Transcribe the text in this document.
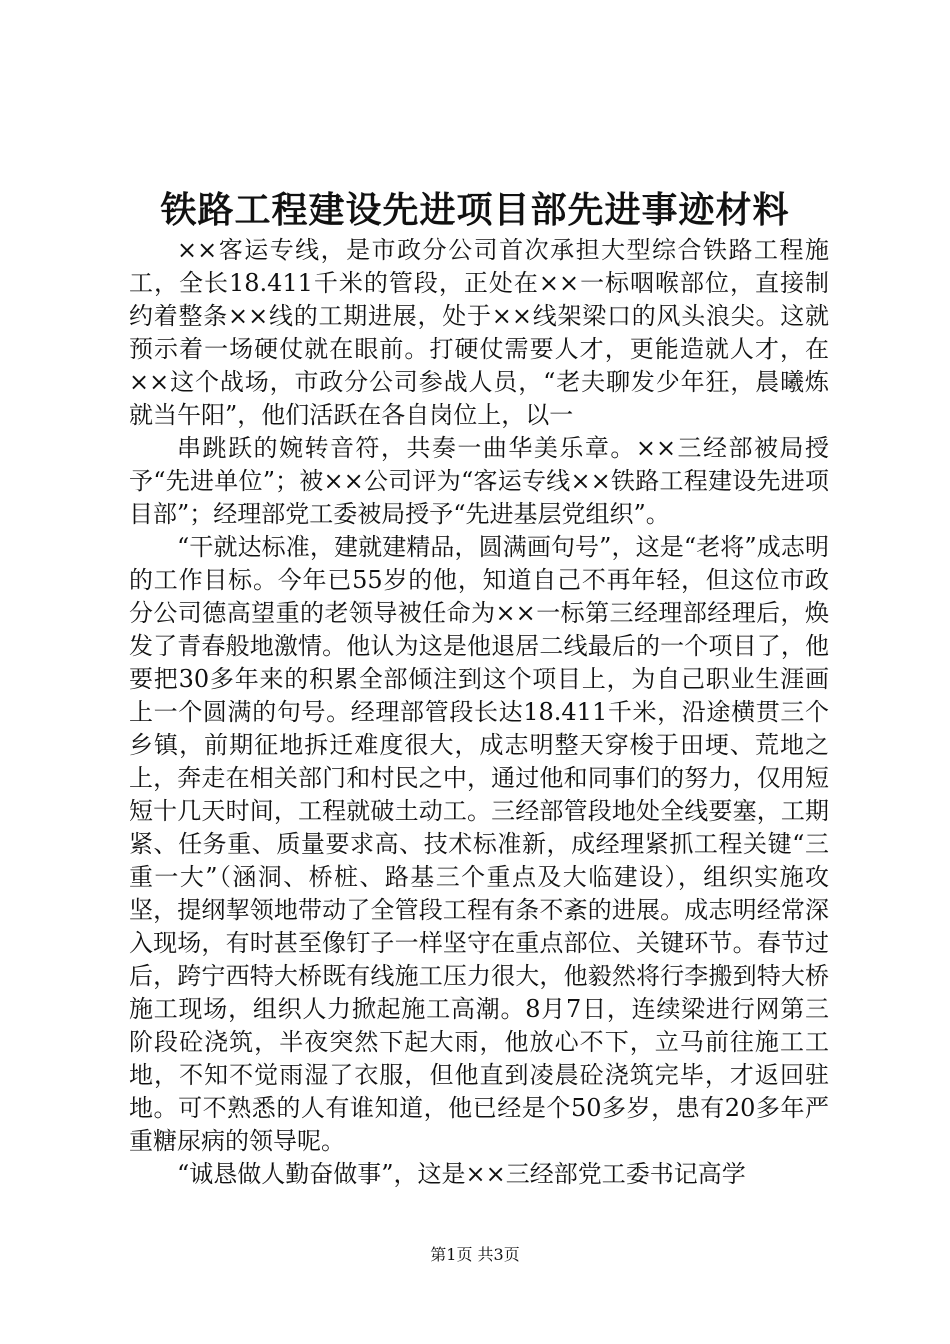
铁路工程建设先进项目部先进事迹材料

××客运专线，是市政分公司首次承担大型综合铁路工程施工，全长18.411千米的管段，正处在××一标咽喉部位，直接制约着整条××线的工期进展，处于××线架梁口的风头浪尖。这就预示着一场硬仗就在眼前。打硬仗需要人才，更能造就人才，在××这个战场，市政分公司参战人员，“老夫聊发少年狂，晨曦炼就当午阳”，他们活跃在各自岗位上，以一

串跳跃的婉转音符，共奏一曲华美乐章。××三经部被局授予“先进单位”；被××公司评为“客运专线××铁路工程建设先进项目部”；经理部党工委被局授予“先进基层党组织”。

“干就达标准，建就建精品，圆满画句号”，这是“老将”成志明的工作目标。今年已55岁的他，知道自己不再年轻，但这位市政分公司德高望重的老领导被任命为××一标第三经理部经理后，焕发了青春般地激情。他认为这是他退居二线最后的一个项目了，他要把30多年来的积累全部倾注到这个项目上，为自己职业生涯画上一个圆满的句号。经理部管段长达18.411千米，沿途横贯三个乡镇，前期征地拆迁难度很大，成志明整天穿梭于田埂、荒地之上，奔走在相关部门和村民之中，通过他和同事们的努力，仅用短短十几天时间，工程就破土动工。三经部管段地处全线要塞，工期紧、任务重、质量要求高、技术标准新，成经理紧抓工程关键“三重一大”（涵洞、桥桩、路基三个重点及大临建设），组织实施攻坚，提纲挈领地带动了全管段工程有条不紊的进展。成志明经常深入现场，有时甚至像钉子一样坚守在重点部位、关键环节。春节过后，跨宁西特大桥既有线施工压力很大，他毅然将行李搬到特大桥施工现场，组织人力掀起施工高潮。8月7日，连续梁进行网第三阶段砼浇筑，半夜突然下起大雨，他放心不下，立马前往施工工地，不知不觉雨湿了衣服，但他直到凌晨砼浇筑完毕，才返回驻地。可不熟悉的人有谁知道，他已经是个50多岁，患有20多年严重糖尿病的领导呢。

“诚恳做人勤奋做事”，这是××三经部党工委书记高学

第1页 共3页
